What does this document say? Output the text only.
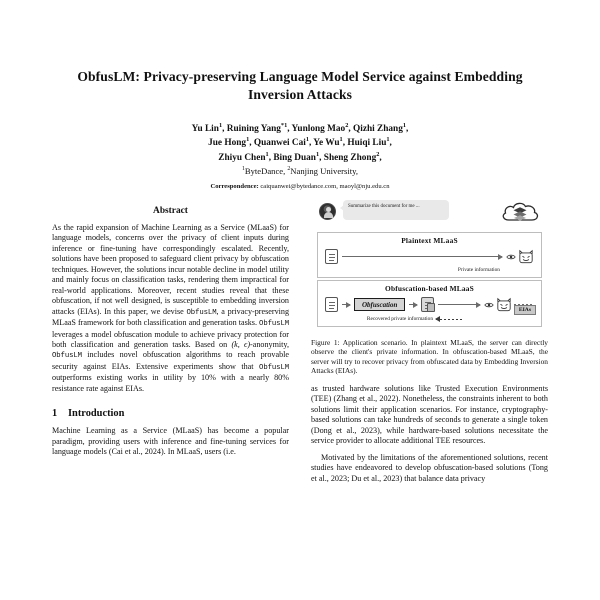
ObfusLM: Privacy-preserving Language Model Service against Embedding Inversion Attacks
Yu Lin$^1$, Ruining Yang$^{*1}$, Yunlong Mao$^2$, Qizhi Zhang$^1$,
Jue Hong$^1$, Quanwei Cai$^1$, Ye Wu$^1$, Huiqi Liu$^1$,
Zhiyu Chen$^1$, Bing Duan$^1$, Sheng Zhong$^2$,
$^1$ByteDance, $^2$Nanjing University,
Correspondence: caiquanwei@bytedance.com, maoyl@nju.edu.cn
Abstract

As the rapid expansion of Machine Learning as a Service (MLaaS) for language models, concerns over the privacy of client inputs during inference or fine-tuning have correspondingly escalated. Recently, solutions have been proposed to safeguard client privacy by obfuscation techniques. However, the solutions incur notable decline in model utility and mainly focus on classification tasks, rendering them impractical for real-world applications. Moreover, recent studies reveal that these obfuscation, if not well designed, is susceptible to embedding inversion attacks (EIAs). In this paper, we devise ObfusLM, a privacy-preserving MLaaS framework for both classification and generation tasks. ObfusLM leverages a model obfuscation module to achieve privacy protection for both classification and generation tasks. Based on (k, ϵ)-anonymity, ObfusLM includes novel obfuscation algorithms to reach provable security against EIAs. Extensive experiments show that ObfusLM outperforms existing works in utility by 10% with a nearly 80% resistance rate against EIAs.

1 Introduction

Machine Learning as a Service (MLaaS) has become a popular paradigm, providing users with inference and fine-tuning services for language models (Cai et al., 2024). In MLaaS, users (i.e.

Summarize this document for me ...
Plaintext MLaaS
Private information
Obfuscation-based MLaaS
Obfuscation
Recovered private information
EIAs

Figure 1: Application scenario. In plaintext MLaaS, the server can directly observe the client's private information. In obfuscation-based MLaaS, the server will try to recover privacy from obfuscated data by Embedding Inversion Attacks (EIAs).

as trusted hardware solutions like Trusted Execution Environments (TEE) (Zhang et al., 2022). Nonetheless, the constraints inherent to both solutions limit their application scenarios. For instance, cryptography-based solutions can take hundreds of seconds to generate a single token (Dong et al., 2023), while hardware-based solutions necessitate the service provider to allocate additional TEE resources.

Motivated by the limitations of the aforementioned solutions, recent studies have endeavored to develop obfuscation-based solutions (Tong et al., 2023; Du et al., 2023) that balance data privacy
